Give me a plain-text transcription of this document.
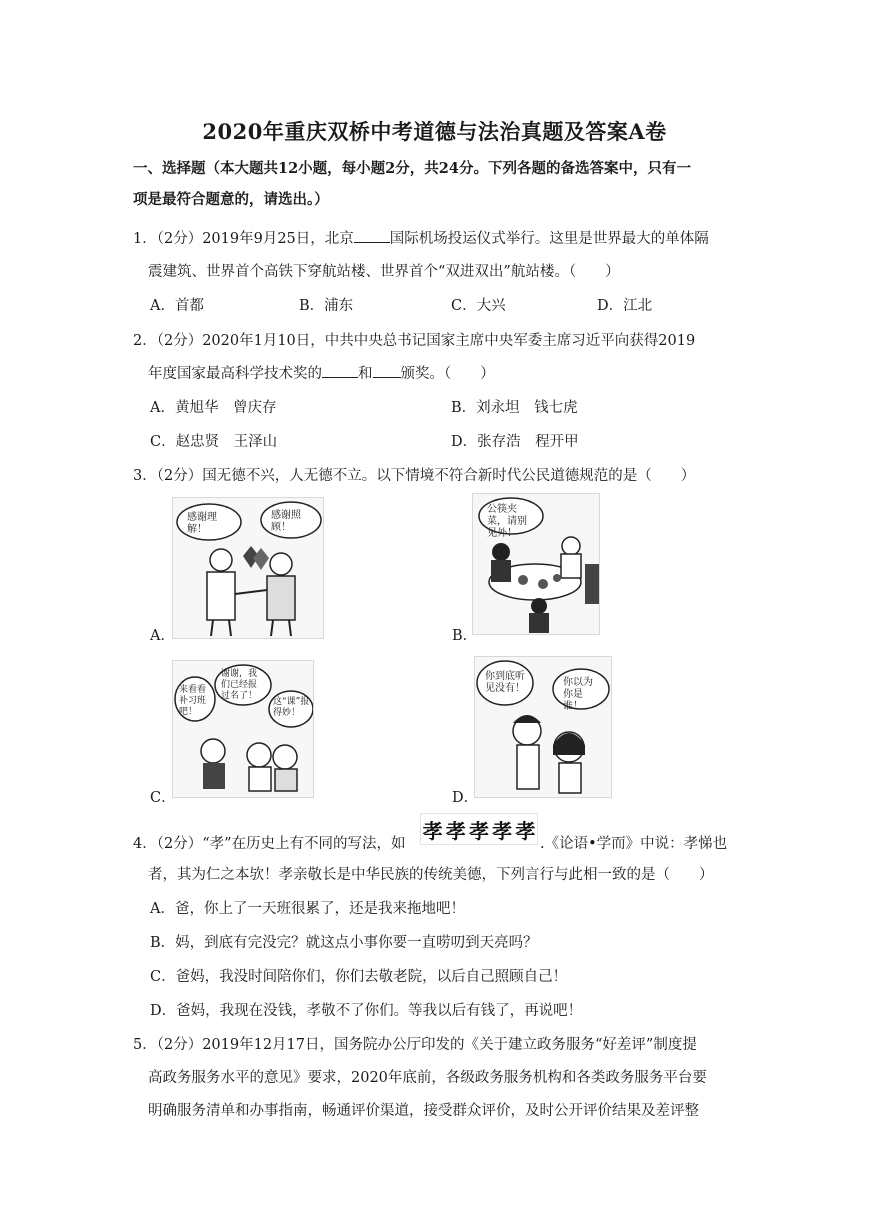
2020年重庆双桥中考道德与法治真题及答案A卷
一、选择题（本大题共12小题，每小题2分，共24分。下列各题的备选答案中，只有一
项是最符合题意的，请选出。）
1．（2分）2019年9月25日，北京 国际机场投运仪式举行。这里是世界最大的单体隔
震建筑、世界首个高铁下穿航站楼、世界首个“双进双出”航站楼。（　　）
A．首都	B．浦东	C．大兴	D．江北
2．（2分）2020年1月10日，中共中央总书记国家主席中央军委主席习近平向获得2019
年度国家最高科学技术奖的 和 颁奖。（　　）
A．黄旭华　曾庆存	B．刘永坦　钱七虎
C．赵忠贤　王泽山	D．张存浩　程开甲
3．（2分）国无德不兴，人无德不立。以下情境不符合新时代公民道德规范的是（　　）
感谢理解！
感谢照顾！
A．
公筷夹菜，请别见外！
B．
来看看补习班吧！
谢谢，我们已经报过名了！
这“课”报得妙！
C．
你到底听见没有！
你以为你是谁！
D．
4．（2分）“孝”在历史上有不同的写法，如
孝 孝 孝 孝 孝
.《论语•学而》中说：孝悌也
者，其为仁之本欤！孝亲敬长是中华民族的传统美德，下列言行与此相一致的是（　　）
A．爸，你上了一天班很累了，还是我来拖地吧！
B．妈，到底有完没完？就这点小事你要一直唠叨到天亮吗？
C．爸妈，我没时间陪你们，你们去敬老院，以后自己照顾自己！
D．爸妈，我现在没钱，孝敬不了你们。等我以后有钱了，再说吧！
5．（2分）2019年12月17日，国务院办公厅印发的《关于建立政务服务“好差评”制度提
高政务服务水平的意见》要求，2020年底前，各级政务服务机构和各类政务服务平台要
明确服务清单和办事指南，畅通评价渠道，接受群众评价，及时公开评价结果及差评整
